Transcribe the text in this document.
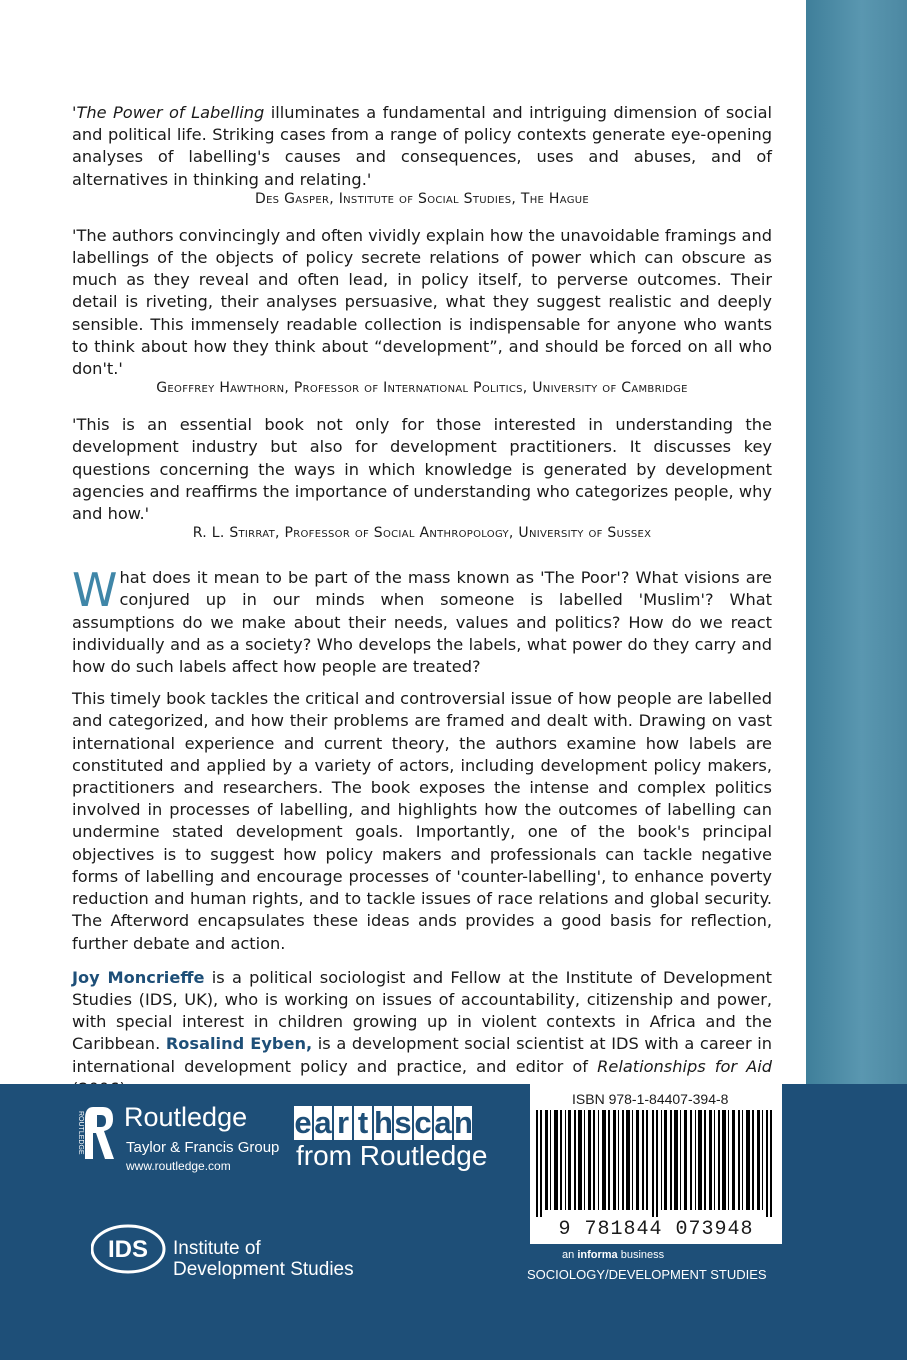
'The Power of Labelling illuminates a fundamental and intriguing dimension of social and political life. Striking cases from a range of policy contexts generate eye-opening analyses of labelling's causes and consequences, uses and abuses, and of alternatives in thinking and relating.'

Des Gasper, Institute of Social Studies, The Hague

'The authors convincingly and often vividly explain how the unavoidable framings and labellings of the objects of policy secrete relations of power which can obscure as much as they reveal and often lead, in policy itself, to perverse outcomes. Their detail is riveting, their analyses persuasive, what they suggest realistic and deeply sensible. This immensely readable collection is indispensable for anyone who wants to think about how they think about “development”, and should be forced on all who don't.'

Geoffrey Hawthorn, Professor of International Politics, University of Cambridge

'This is an essential book not only for those interested in understanding the development industry but also for development practitioners. It discusses key questions concerning the ways in which knowledge is generated by development agencies and reaffirms the importance of understanding who categorizes people, why and how.'

R. L. Stirrat, Professor of Social Anthropology, University of Sussex

What does it mean to be part of the mass known as 'The Poor'? What visions are conjured up in our minds when someone is labelled 'Muslim'? What assumptions do we make about their needs, values and politics? How do we react individually and as a society? Who develops the labels, what power do they carry and how do such labels affect how people are treated?

This timely book tackles the critical and controversial issue of how people are labelled and categorized, and how their problems are framed and dealt with. Drawing on vast international experience and current theory, the authors examine how labels are constituted and applied by a variety of actors, including development policy makers, practitioners and researchers. The book exposes the intense and complex politics involved in processes of labelling, and highlights how the outcomes of labelling can undermine stated development goals. Importantly, one of the book's principal objectives is to suggest how policy makers and professionals can tackle negative forms of labelling and encourage processes of 'counter-labelling', to enhance poverty reduction and human rights, and to tackle issues of race relations and global security. The Afterword encapsulates these ideas ands provides a good basis for reflection, further debate and action.

Joy Moncrieffe is a political sociologist and Fellow at the Institute of Development Studies (IDS, UK), who is working on issues of accountability, citizenship and power, with special interest in children growing up in violent contexts in Africa and the Caribbean. Rosalind Eyben, is a development social scientist at IDS with a career in international development policy and practice, and editor of Relationships for Aid

ROUTLEDGE Routledge
Taylor & Francis Group
www.routledge.com
e a r t h s c a n
from Routledge
IDS Institute of
Development Studies
ISBN 978-1-84407-394-8
9 781844 073948
an informa business
SOCIOLOGY/DEVELOPMENT STUDIES
